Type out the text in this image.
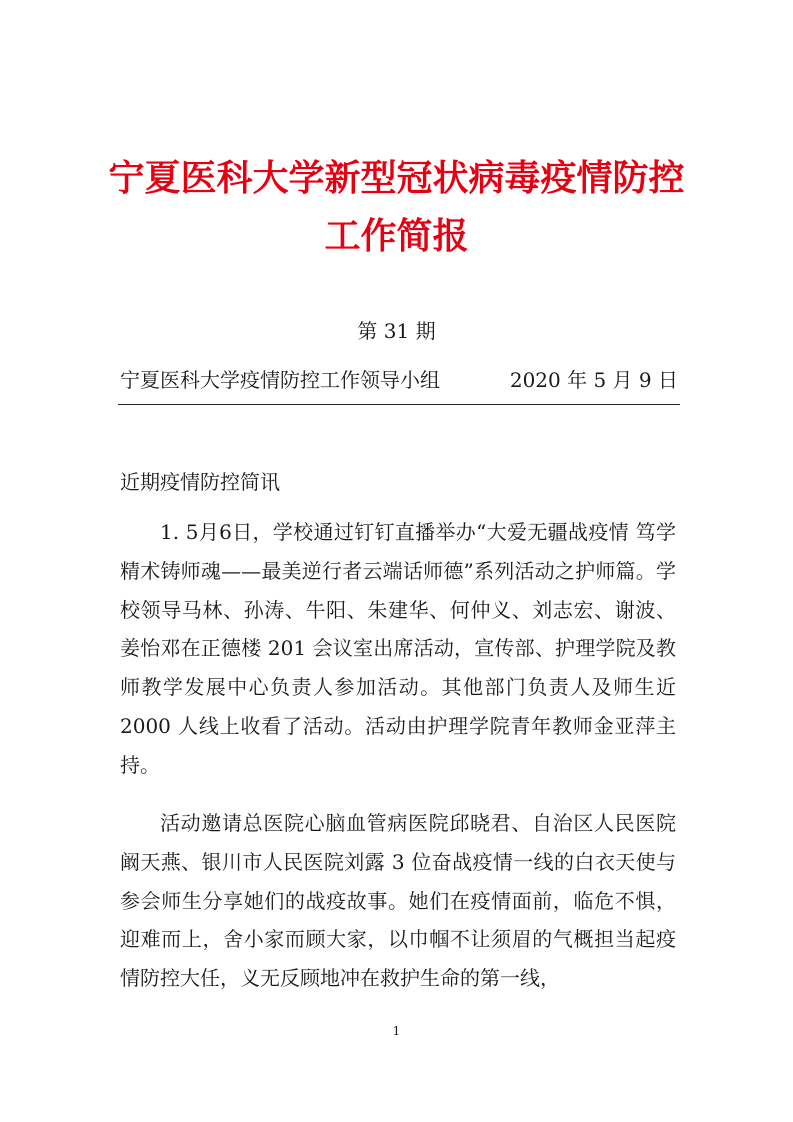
宁夏医科大学新型冠状病毒疫情防控
工作简报
第 31 期
宁夏医科大学疫情防控工作领导小组	2020 年 5 月 9 日
近期疫情防控简讯

1. 5月6日，学校通过钉钉直播举办“大爱无疆战疫情 笃学精术铸师魂——最美逆行者云端话师德”系列活动之护师篇。学校领导马林、孙涛、牛阳、朱建华、何仲义、刘志宏、谢波、姜怡邓在正德楼 201 会议室出席活动，宣传部、护理学院及教师教学发展中心负责人参加活动。其他部门负责人及师生近 2000 人线上收看了活动。活动由护理学院青年教师金亚萍主持。

活动邀请总医院心脑血管病医院邱晓君、自治区人民医院阚天燕、银川市人民医院刘露 3 位奋战疫情一线的白衣天使与参会师生分享她们的战疫故事。她们在疫情面前，临危不惧，迎难而上，舍小家而顾大家，以巾帼不让须眉的气概担当起疫情防控大任，义无反顾地冲在救护生命的第一线，

1
